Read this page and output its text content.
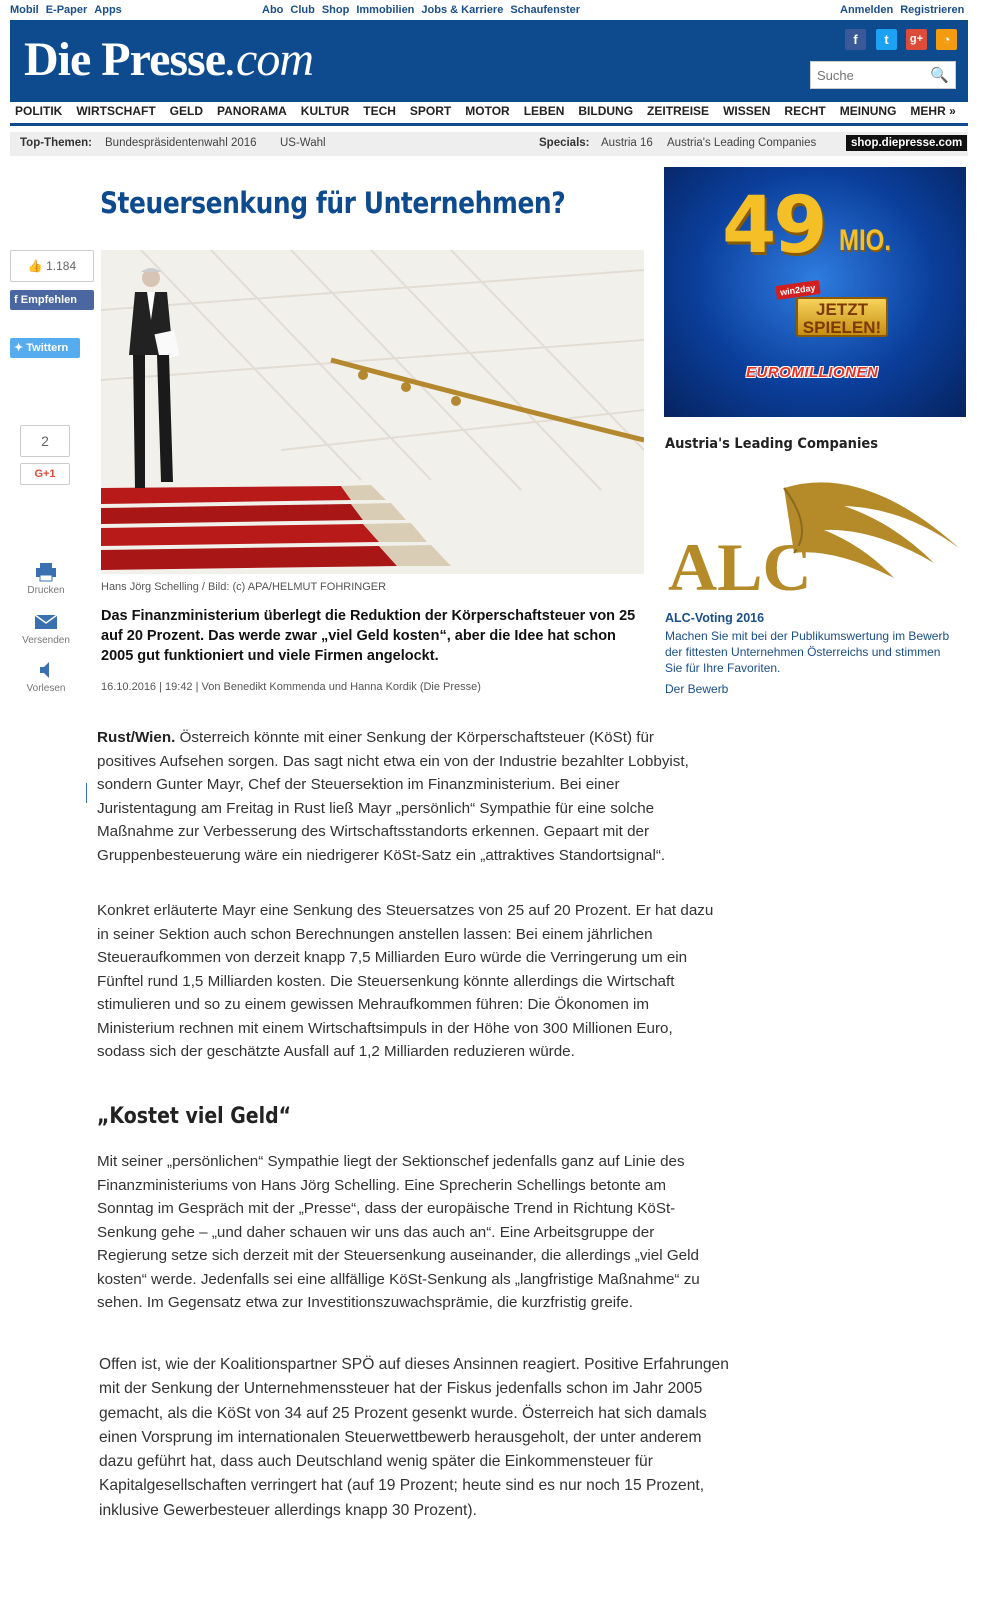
Mobil E-Paper Apps	Abo Club Shop Immobilien Jobs & Karriere Schaufenster	Anmelden Registrieren
Die Presse.com	f	t	g+	◔
Suche
🔍
POLITIK WIRTSCHAFT GELD PANORAMA KULTUR TECH SPORT MOTOR LEBEN BILDUNG ZEITREISE WISSEN RECHT MEINUNG MEHR »
Top-Themen: Bundespräsidentenwahl 2016 US-Wahl	Specials: Austria 16 Austria's Leading Companies	shop.diepresse.com
👍 1.184
f Empfehlen
✦ Twittern
2
G+1
Drucken
Versenden
Vorlesen
Steuersenkung für Unternehmen?
Hans Jörg Schelling / Bild: (c) APA/HELMUT FOHRINGER

Das Finanzministerium überlegt die Reduktion der Körperschaftsteuer von 25 auf 20 Prozent. Das werde zwar „viel Geld kosten“, aber die Idee hat schon 2005 gut funktioniert und viele Firmen angelockt.

16.10.2016 | 19:42 | Von Benedikt Kommenda und Hanna Kordik (Die Presse)

Rust/Wien. Österreich könnte mit einer Senkung der Körperschaftsteuer (KöSt) für positives Aufsehen sorgen. Das sagt nicht etwa ein von der Industrie bezahlter Lobbyist, sondern Gunter Mayr, Chef der Steuersektion im Finanzministerium. Bei einer Juristentagung am Freitag in Rust ließ Mayr „persönlich“ Sympathie für eine solche Maßnahme zur Verbesserung des Wirtschaftsstandorts erkennen. Gepaart mit der Gruppenbesteuerung wäre ein niedrigerer KöSt-Satz ein „attraktives Standortsignal“.

Konkret erläuterte Mayr eine Senkung des Steuersatzes von 25 auf 20 Prozent. Er hat dazu in seiner Sektion auch schon Berechnungen anstellen lassen: Bei einem jährlichen Steueraufkommen von derzeit knapp 7,5 Milliarden Euro würde die Verringerung um ein Fünftel rund 1,5 Milliarden kosten. Die Steuersenkung könnte allerdings die Wirtschaft stimulieren und so zu einem gewissen Mehraufkommen führen: Die Ökonomen im Ministerium rechnen mit einem Wirtschaftsimpuls in der Höhe von 300 Millionen Euro, sodass sich der geschätzte Ausfall auf 1,2 Milliarden reduzieren würde.

„Kostet viel Geld“

Mit seiner „persönlichen“ Sympathie liegt der Sektionschef jedenfalls ganz auf Linie des Finanzministeriums von Hans Jörg Schelling. Eine Sprecherin Schellings betonte am Sonntag im Gespräch mit der „Presse“, dass der europäische Trend in Richtung KöSt-Senkung gehe – „und daher schauen wir uns das auch an“. Eine Arbeitsgruppe der Regierung setze sich derzeit mit der Steuersenkung auseinander, die allerdings „viel Geld kosten“ werde. Jedenfalls sei eine allfällige KöSt-Senkung als „langfristige Maßnahme“ zu sehen. Im Gegensatz etwa zur Investitionszuwachsprämie, die kurzfristig greife.

Offen ist, wie der Koalitionspartner SPÖ auf dieses Ansinnen reagiert. Positive Erfahrungen mit der Senkung der Unternehmenssteuer hat der Fiskus jedenfalls schon im Jahr 2005 gemacht, als die KöSt von 34 auf 25 Prozent gesenkt wurde. Österreich hat sich damals einen Vorsprung im internationalen Steuerwettbewerb herausgeholt, der unter anderem dazu geführt hat, dass auch Deutschland wenig später die Einkommensteuer für Kapitalgesellschaften verringert hat (auf 19 Prozent; heute sind es nur noch 15 Prozent, inklusive Gewerbesteuer allerdings knapp 30 Prozent).

49 MIO.
JETZT SPIELEN!
win2day
EUROMILLIONEN
Austria's Leading Companies
ALC
ALC-Voting 2016

Machen Sie mit bei der Publikumswertung im Bewerb der fittesten Unternehmen Österreichs und stimmen Sie für Ihre Favoriten.

Der Bewerb
